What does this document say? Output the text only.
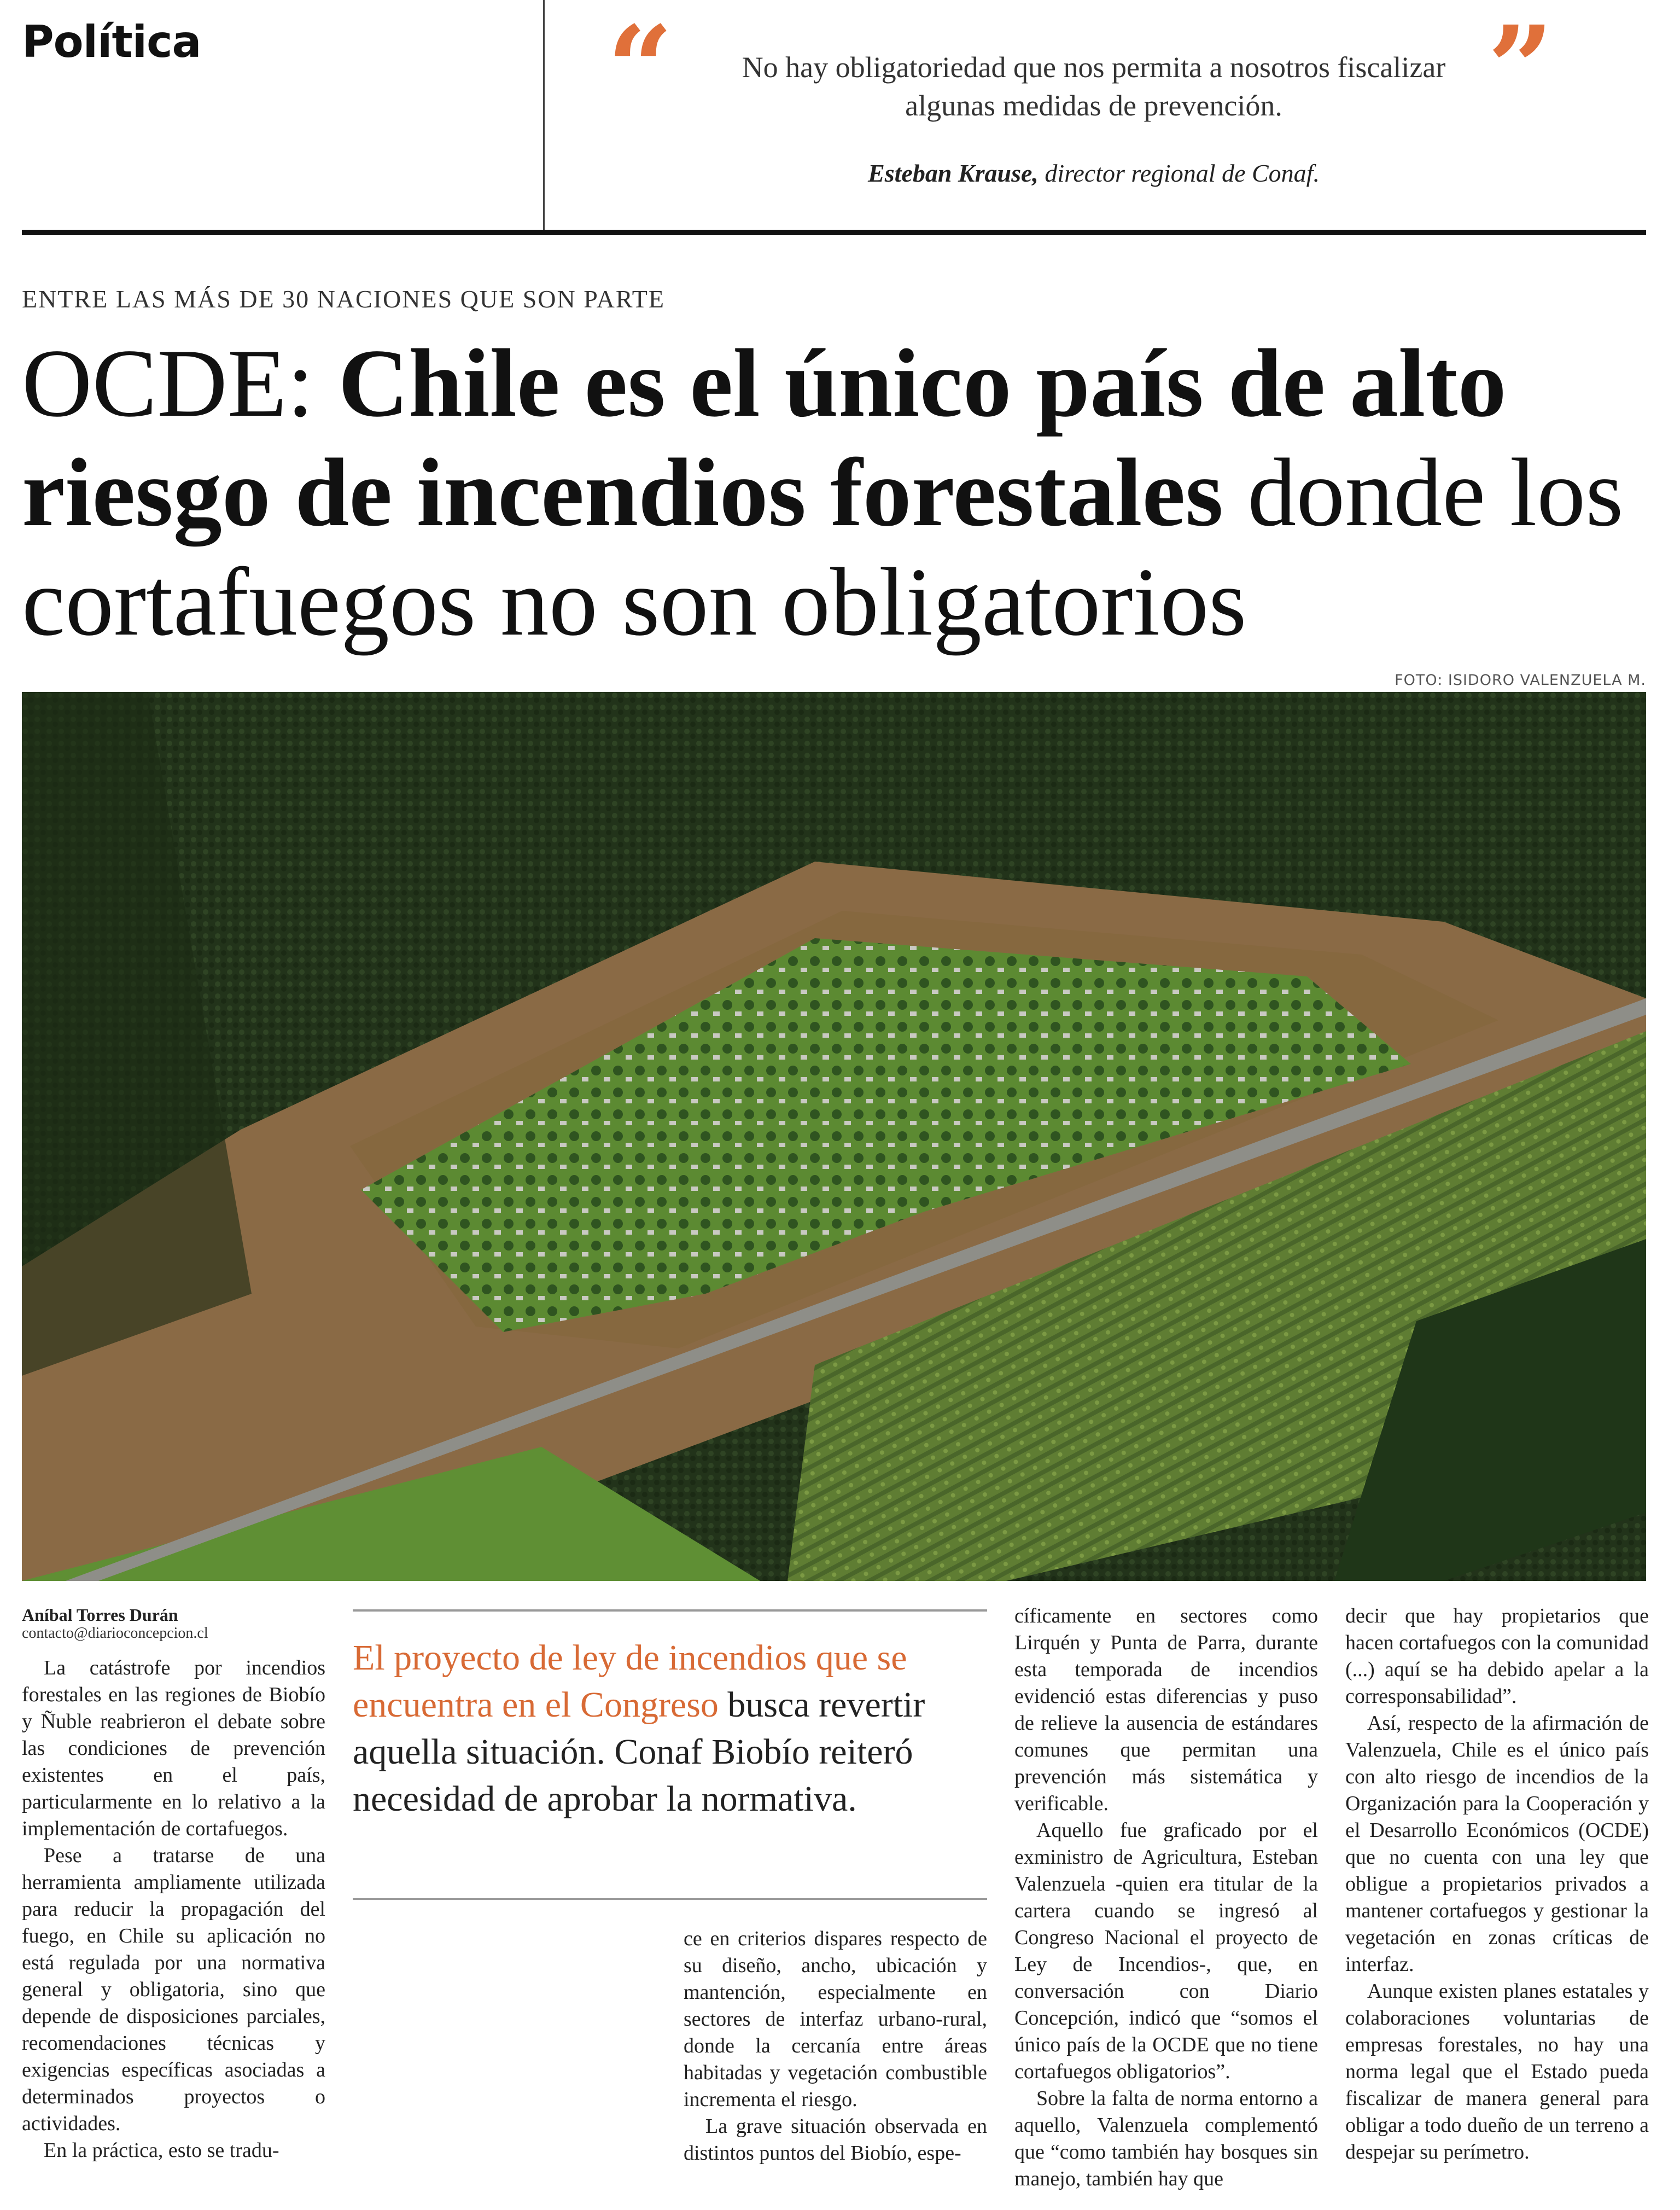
Política	“	No hay obligatoriedad que nos permita a nosotros fiscalizar algunas medidas de prevención.	”
Esteban Krause, director regional de Conaf.
ENTRE LAS MÁS DE 30 NACIONES QUE SON PARTE
OCDE: Chile es el único país de alto riesgo de incendios forestales donde los cortafuegos no son obligatorios
FOTO: ISIDORO VALENZUELA M.
Aníbal Torres Durán
contacto@diarioconcepcion.cl

La catástrofe por incendios forestales en las regiones de Biobío y Ñuble reabrieron el debate sobre las condiciones de prevención existentes en el país, particularmente en lo relativo a la implementación de cortafuegos.

Pese a tratarse de una herramienta ampliamente utilizada para reducir la propagación del fuego, en Chile su aplicación no está regulada por una normativa general y obligatoria, sino que depende de disposiciones parciales, recomendaciones técnicas y exigencias específicas asociadas a determinados proyectos o actividades.

En la práctica, esto se tradu-

El proyecto de ley de incendios que se encuentra en el Congreso busca revertir aquella situación. Conaf Biobío reiteró necesidad de aprobar la normativa.

ce en criterios dispares respecto de su diseño, ancho, ubicación y mantención, especialmente en sectores de interfaz urbano-rural, donde la cercanía entre áreas habitadas y vegetación combustible incrementa el riesgo.

La grave situación observada en distintos puntos del Biobío, espe-

cíficamente en sectores como Lirquén y Punta de Parra, durante esta temporada de incendios evidenció estas diferencias y puso de relieve la ausencia de estándares comunes que permitan una prevención más sistemática y verificable.

Aquello fue graficado por el exministro de Agricultura, Esteban Valenzuela -quien era titular de la cartera cuando se ingresó al Congreso Nacional el proyecto de Ley de Incendios-, que, en conversación con Diario Concepción, indicó que “somos el único país de la OCDE que no tiene cortafuegos obligatorios”.

Sobre la falta de norma entorno a aquello, Valenzuela complementó que “como también hay bosques sin manejo, también hay que

decir que hay propietarios que hacen cortafuegos con la comunidad (...) aquí se ha debido apelar a la corresponsabilidad”.

Así, respecto de la afirmación de Valenzuela, Chile es el único país con alto riesgo de incendios de la Organización para la Cooperación y el Desarrollo Económicos (OCDE) que no cuenta con una ley que obligue a propietarios privados a mantener cortafuegos y gestionar la vegetación en zonas críticas de interfaz.

Aunque existen planes estatales y colaboraciones voluntarias de empresas forestales, no hay una norma legal que el Estado pueda fiscalizar de manera general para obligar a todo dueño de un terreno a despejar su perímetro.
